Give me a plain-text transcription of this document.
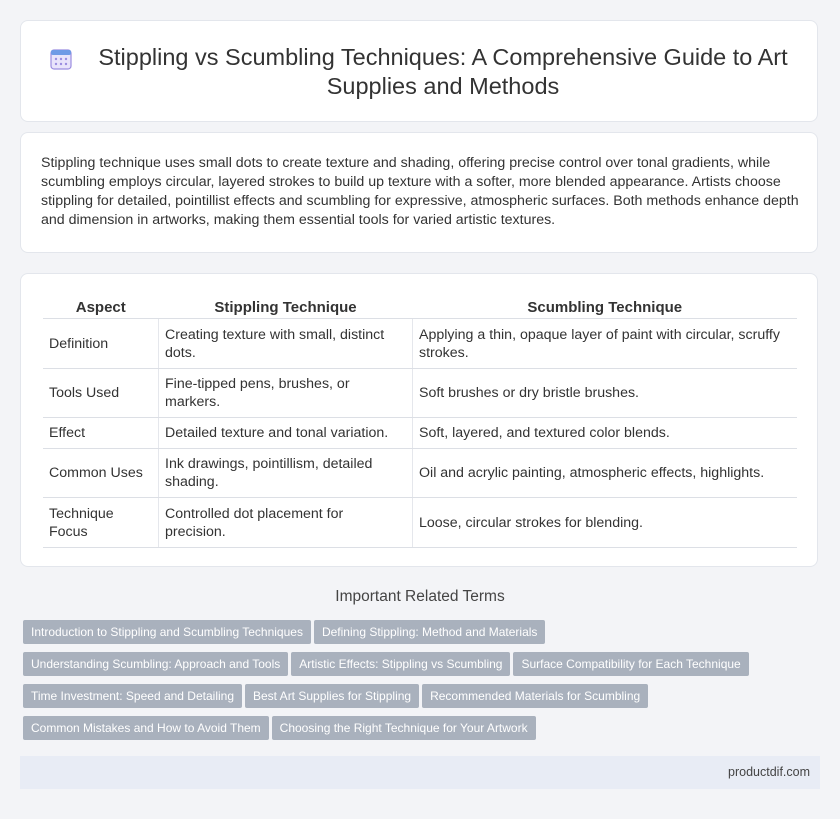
Stippling vs Scumbling Techniques: A Comprehensive Guide to Art Supplies and Methods

Stippling technique uses small dots to create texture and shading, offering precise control over tonal gradients, while scumbling employs circular, layered strokes to build up texture with a softer, more blended appearance. Artists choose stippling for detailed, pointillist effects and scumbling for expressive, atmospheric surfaces. Both methods enhance depth and dimension in artworks, making them essential tools for varied artistic textures.

Aspect	Stippling Technique	Scumbling Technique
Definition	Creating texture with small, distinct dots.	Applying a thin, opaque layer of paint with circular, scruffy strokes.
Tools Used	Fine-tipped pens, brushes, or markers.	Soft brushes or dry bristle brushes.
Effect	Detailed texture and tonal variation.	Soft, layered, and textured color blends.
Common Uses	Ink drawings, pointillism, detailed shading.	Oil and acrylic painting, atmospheric effects, highlights.
Technique Focus	Controlled dot placement for precision.	Loose, circular strokes for blending.
Important Related Terms
Introduction to Stippling and Scumbling Techniques Defining Stippling: Method and Materials
Understanding Scumbling: Approach and Tools Artistic Effects: Stippling vs Scumbling Surface Compatibility for Each Technique
Time Investment: Speed and Detailing Best Art Supplies for Stippling Recommended Materials for Scumbling
Common Mistakes and How to Avoid Them Choosing the Right Technique for Your Artwork
productdif.com
